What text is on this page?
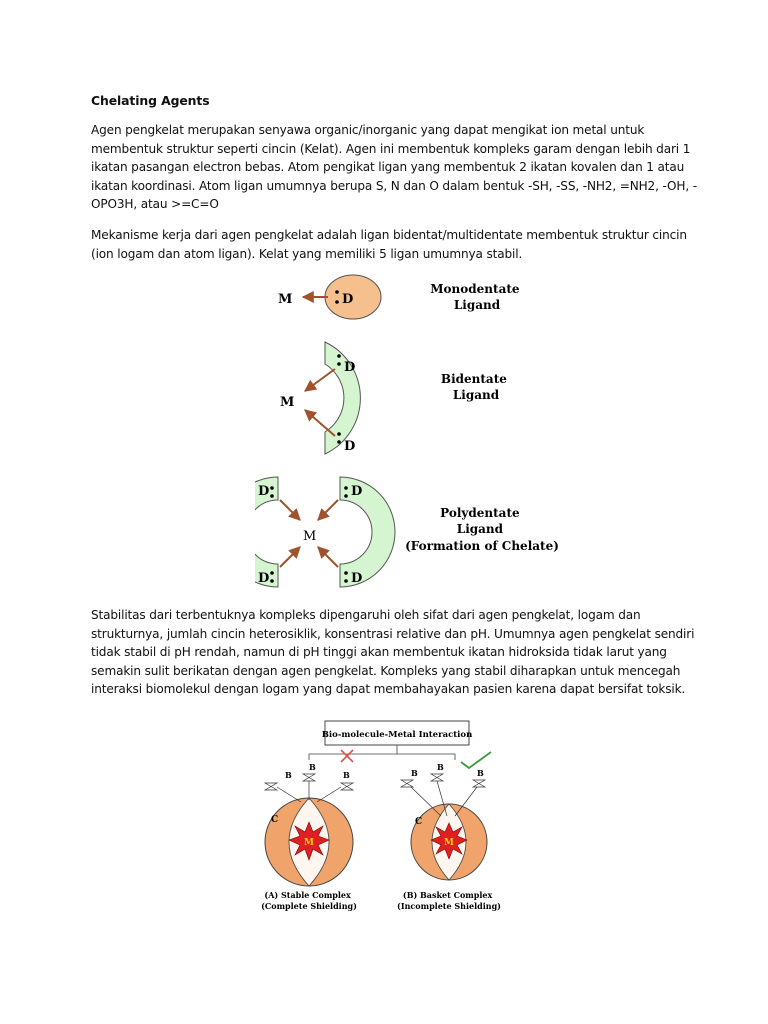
Chelating Agents
Agen pengkelat merupakan senyawa organic/inorganic yang dapat mengikat ion metal untuk
membentuk struktur seperti cincin (Kelat). Agen ini membentuk kompleks garam dengan lebih dari 1
ikatan pasangan electron bebas. Atom pengikat ligan yang membentuk 2 ikatan kovalen dan 1 atau
ikatan koordinasi. Atom ligan umumnya berupa S, N dan O dalam bentuk -SH, -SS, -NH2, =NH2, -OH, -
OPO3H, atau >=C=O
Mekanisme kerja dari agen pengkelat adalah ligan bidentat/multidentate membentuk struktur cincin
(ion logam dan atom ligan). Kelat yang memiliki 5 ligan umumnya stabil.
D
M
Monodentate Ligand
D
D
M
Bidentate Ligand
D
D
D
D
M
Polydentate Ligand (Formation of Chelate)
Stabilitas dari terbentuknya kompleks dipengaruhi oleh sifat dari agen pengkelat, logam dan
strukturnya, jumlah cincin heterosiklik, konsentrasi relative dan pH. Umumnya agen pengkelat sendiri
tidak stabil di pH rendah, namun di pH tinggi akan membentuk ikatan hidroksida tidak larut yang
semakin sulit berikatan dengan agen pengkelat. Kompleks yang stabil diharapkan untuk mencegah
interaksi biomolekul dengan logam yang dapat membahayakan pasien karena dapat bersifat toksik.
Bio-molecule-Metal Interaction
M
C
B
B
B
(A) Stable Complex (Complete Shielding)
M
C
B
B
B
(B) Basket Complex (Incomplete Shielding)
